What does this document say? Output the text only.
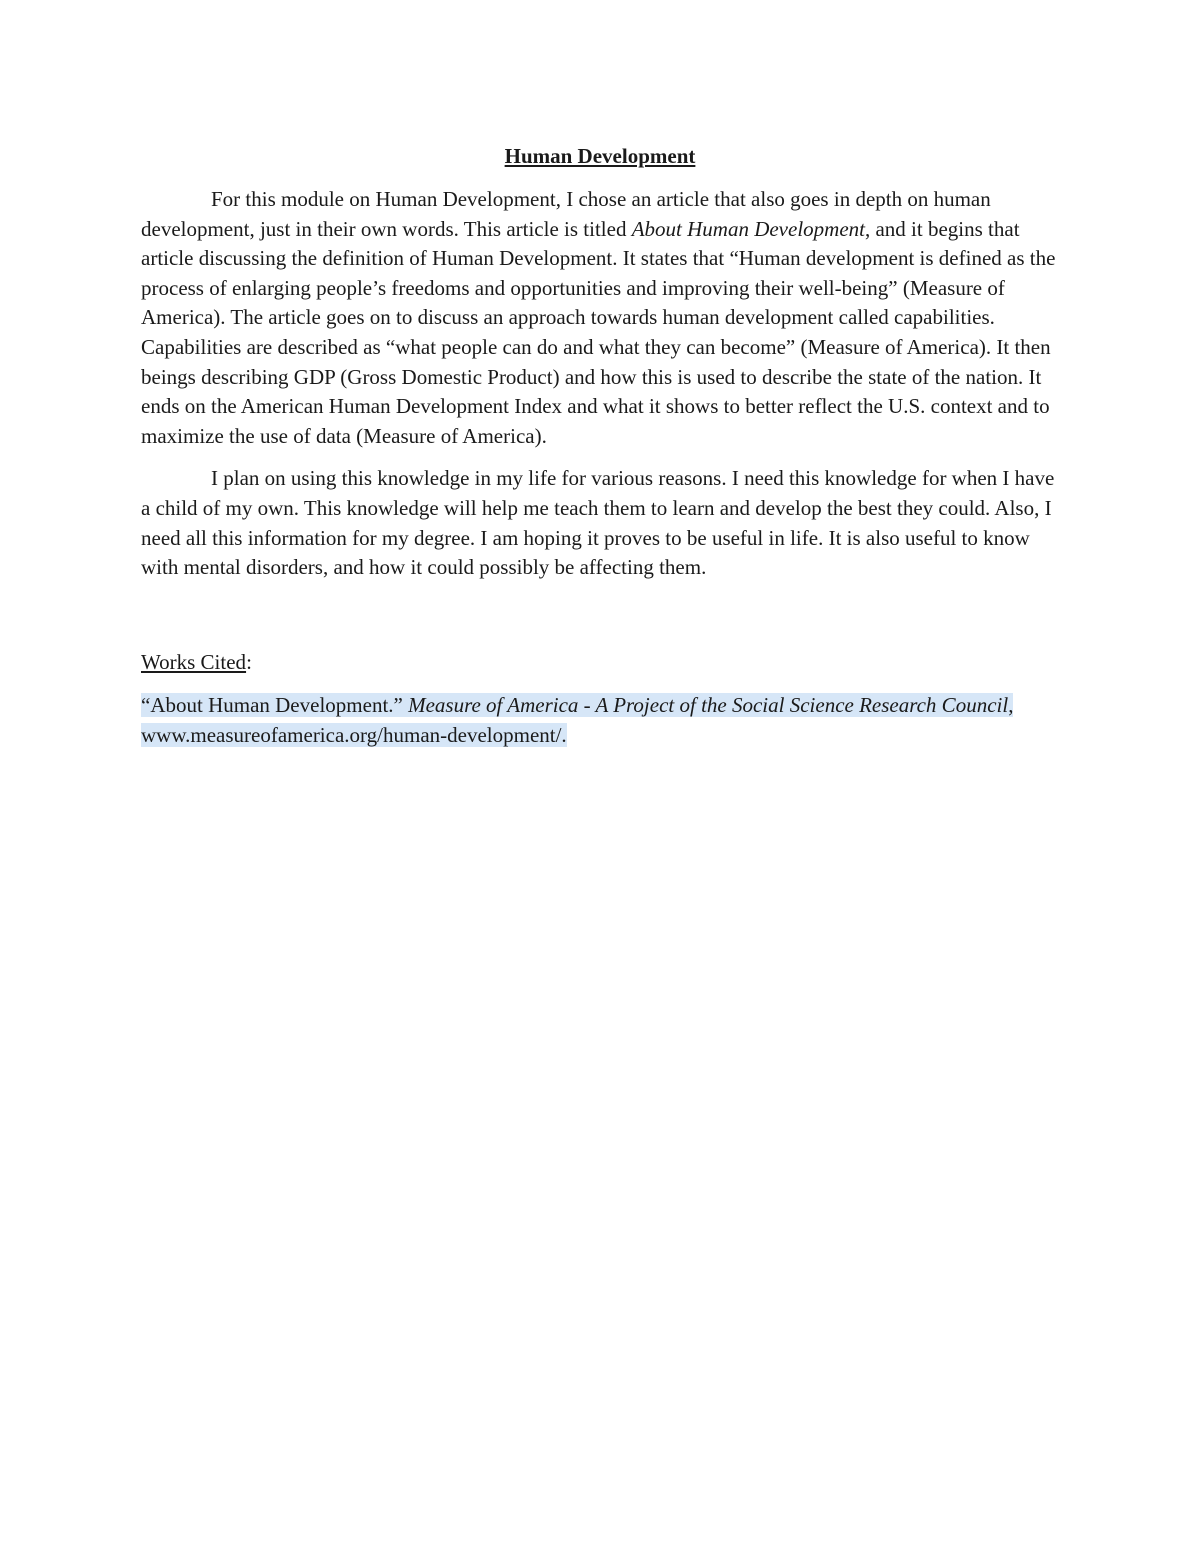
Human Development

For this module on Human Development, I chose an article that also goes in depth on human development, just in their own words. This article is titled About Human Development, and it begins that article discussing the definition of Human Development. It states that “Human development is defined as the process of enlarging people’s freedoms and opportunities and improving their well-being” (Measure of America). The article goes on to discuss an approach towards human development called capabilities. Capabilities are described as “what people can do and what they can become” (Measure of America). It then beings describing GDP (Gross Domestic Product) and how this is used to describe the state of the nation. It ends on the American Human Development Index and what it shows to better reflect the U.S. context and to maximize the use of data (Measure of America).

I plan on using this knowledge in my life for various reasons. I need this knowledge for when I have a child of my own. This knowledge will help me teach them to learn and develop the best they could. Also, I need all this information for my degree. I am hoping it proves to be useful in life. It is also useful to know with mental disorders, and how it could possibly be affecting them.

Works Cited:

“About Human Development.” Measure of America - A Project of the Social Science Research Council, www.measureofamerica.org/human-development/.
